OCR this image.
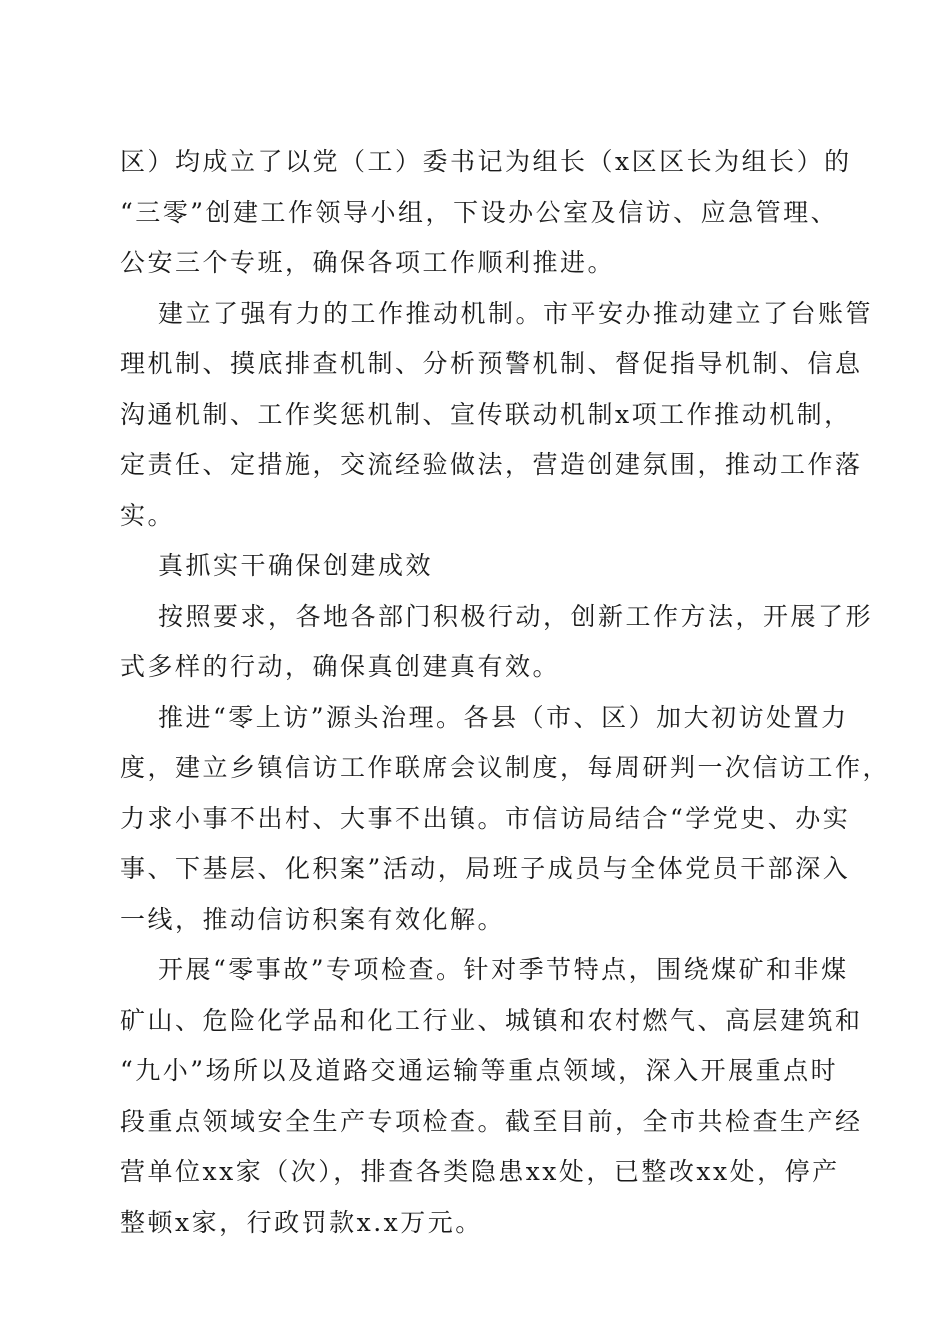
区）均成立了以党（工）委书记为组长（x区区长为组长）的
“三零”创建工作领导小组，下设办公室及信访、应急管理、
公安三个专班，确保各项工作顺利推进。

建立了强有力的工作推动机制。市平安办推动建立了台账管
理机制、摸底排查机制、分析预警机制、督促指导机制、信息
沟通机制、工作奖惩机制、宣传联动机制x项工作推动机制，
定责任、定措施，交流经验做法，营造创建氛围，推动工作落
实。

真抓实干确保创建成效

按照要求，各地各部门积极行动，创新工作方法，开展了形
式多样的行动，确保真创建真有效。

推进“零上访”源头治理。各县（市、区）加大初访处置力
度，建立乡镇信访工作联席会议制度，每周研判一次信访工作，
力求小事不出村、大事不出镇。市信访局结合“学党史、办实
事、下基层、化积案”活动，局班子成员与全体党员干部深入
一线，推动信访积案有效化解。

开展“零事故”专项检查。针对季节特点，围绕煤矿和非煤
矿山、危险化学品和化工行业、城镇和农村燃气、高层建筑和
“九小”场所以及道路交通运输等重点领域，深入开展重点时
段重点领域安全生产专项检查。截至目前，全市共检查生产经
营单位xx家（次），排查各类隐患xx处，已整改xx处，停产
整顿x家，行政罚款x.x万元。
